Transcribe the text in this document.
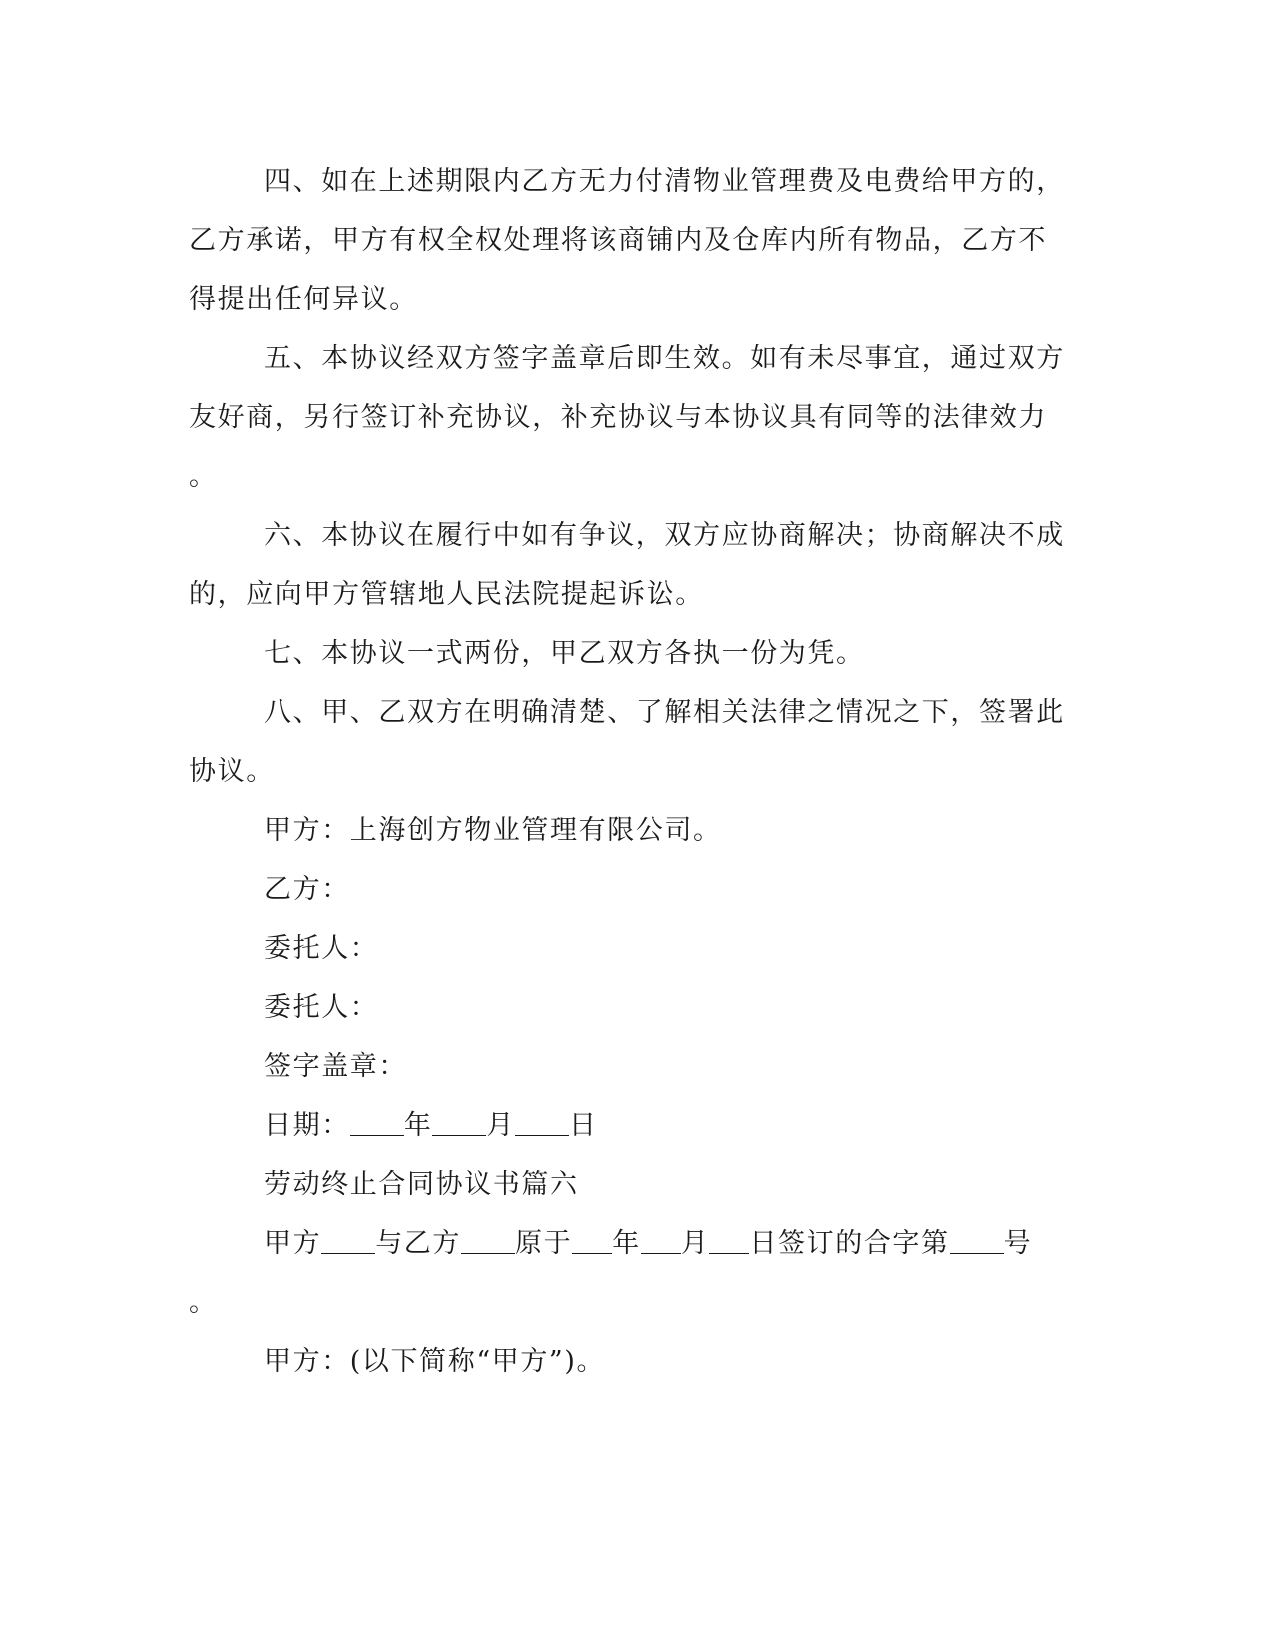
四、如在上述期限内乙方无力付清物业管理费及电费给甲方的，

乙方承诺，甲方有权全权处理将该商铺内及仓库内所有物品，乙方不

得提出任何异议。

五、本协议经双方签字盖章后即生效。如有未尽事宜，通过双方

友好商，另行签订补充协议，补充协议与本协议具有同等的法律效力

。

六、本协议在履行中如有争议，双方应协商解决；协商解决不成

的，应向甲方管辖地人民法院提起诉讼。

七、本协议一式两份，甲乙双方各执一份为凭。

八、甲、乙双方在明确清楚、了解相关法律之情况之下，签署此

协议。

甲方：上海创方物业管理有限公司。

乙方：

委托人：

委托人：

签字盖章：

日期： 年 月 日

劳动终止合同协议书篇六

甲方 与乙方 原于 年 月 日签订的合字第 号

。

甲方：(以下简称“甲方”)。
